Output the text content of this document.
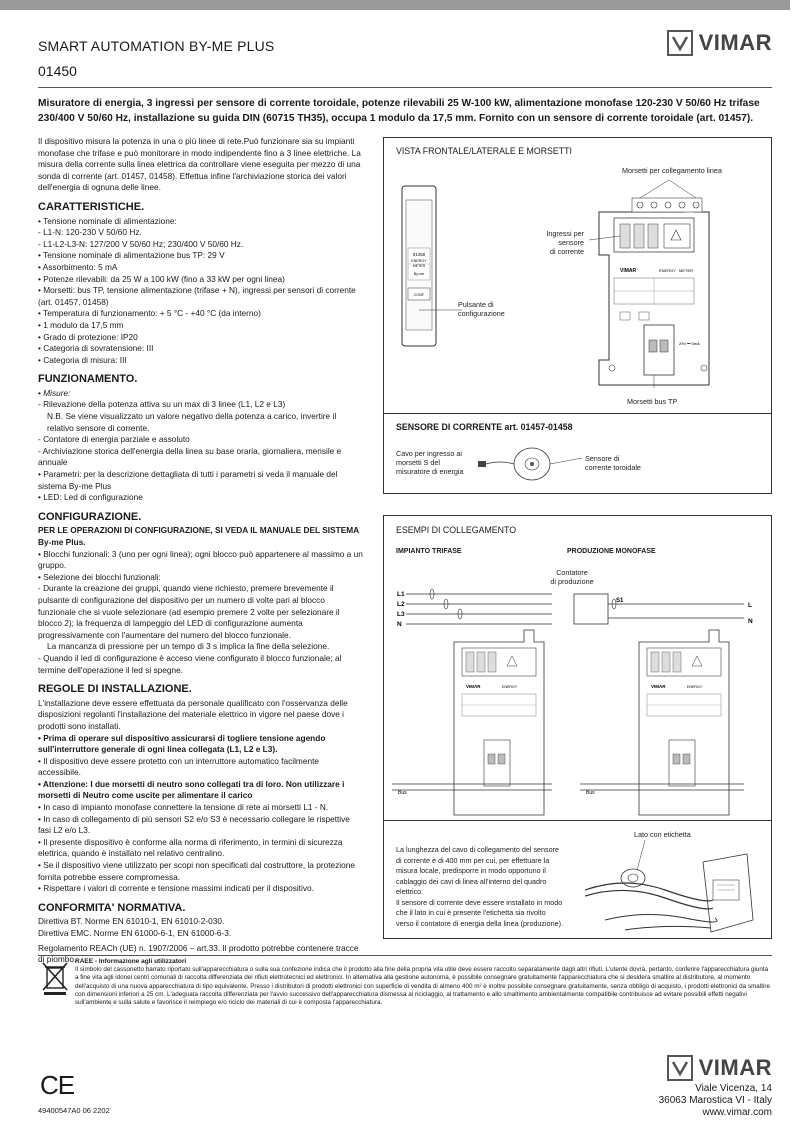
SMART AUTOMATION BY-ME PLUS
01450
VIMAR
Misuratore di energia, 3 ingressi per sensore di corrente toroidale, potenze rilevabili 25 W-100 kW, alimentazione monofase 120-230 V 50/60 Hz trifase 230/400 V 50/60 Hz, installazione su guida DIN (60715 TH35), occupa 1 modulo da 17,5 mm. Fornito con un sensore di corrente toroidale (art. 01457).

Il dispositivo misura la potenza in una o più linee di rete.Può funzionare sia su impianti monofase che trifase e può monitorare in modo indipendente fino a 3 linee elettriche. La misura della corrente sulla linea elettrica da controllare viene eseguita per mezzo di una sonda di corrente (art. 01457, 01458). Effettua infine l'archiviazione storica dei valori dell'energia di ognuna delle linee.

CARATTERISTICHE.

• Tensione nominale di alimentazione:

- L1-N: 120-230 V 50/60 Hz.

- L1-L2-L3-N: 127/200 V 50/60 Hz; 230/400 V 50/60 Hz.

• Tensione nominale di alimentazione bus TP: 29 V

• Assorbimento: 5 mA

• Potenze rilevabili: da 25 W a 100 kW (fino a 33 kW per ogni linea)

• Morsetti: bus TP, tensione alimentazione (trifase + N), ingressi per sensori di corrente (art. 01457, 01458)

• Temperatura di funzionamento: + 5 °C - +40 °C (da interno)

• 1 modulo da 17,5 mm

• Grado di protezione: IP20

• Categoria di sovratensione: III

• Categoria di misura: III

FUNZIONAMENTO.

• Misure:

- Rilevazione della potenza attiva su un max di 3 linee (L1, L2 e L3)

N.B. Se viene visualizzato un valore negativo della potenza a carico, invertire il relativo sensore di corrente.

- Contatore di energia parziale e assoluto

- Archiviazione storica dell'energia della linea su base oraria, giornaliera, mensile e annuale

• Parametri: per la descrizione dettagliata di tutti i parametri si veda il manuale del sistema By-me Plus

• LED: Led di configurazione

CONFIGURAZIONE.

PER LE OPERAZIONI DI CONFIGURAZIONE, SI VEDA IL MANUALE DEL SISTEMA By-me Plus.

• Blocchi funzionali: 3 (uno per ogni linea); ogni blocco può appartenere al massimo a un gruppo.

• Selezione dei blocchi funzionali:

- Durante la creazione dei gruppi, quando viene richiesto, premere brevemente il pulsante di configurazione del dispositivo per un numero di volte pari al blocco funzionale che si vuole selezionare (ad esempio premere 2 volte per selezionare il blocco 2); la frequenza di lampeggio del LED di configurazione aumenta progressivamente con l'aumentare del numero del blocco funzionale.

La mancanza di pressione per un tempo di 3 s implica la fine della selezione.

- Quando il led di configurazione è acceso viene configurato il blocco funzionale; al termine dell'operazione il led si spegne.

REGOLE DI INSTALLAZIONE.

L'installazione deve essere effettuata da personale qualificato con l'osservanza delle disposizioni regolanti l'installazione del materiale elettrico in vigore nel paese dove i prodotti sono installati.

• Prima di operare sul dispositivo assicurarsi di togliere tensione agendo sull'interruttore generale di ogni linea collegata (L1, L2 e L3).

• Il dispositivo deve essere protetto con un interruttore automatico facilmente accessibile.

• Attenzione: I due morsetti di neutro sono collegati tra di loro. Non utilizzare i morsetti di Neutro come uscite per alimentare il carico

• In caso di impianto monofase connettere la tensione di rete ai morsetti L1 - N.

• In caso di collegamento di più sensori S2 e/o S3 è necessario collegare le rispettive fasi L2 e/o L3.

• Il presente dispositivo è conforme alla norma di riferimento, in termini di sicurezza elettrica, quando è installato nel relativo centralino.

• Se il dispositivo viene utilizzato per scopi non specificati dal costruttore, la protezione fornita potrebbe essere compromessa.

• Rispettare i valori di corrente e tensione massimi indicati per il dispositivo.

CONFORMITA' NORMATIVA.

Direttiva BT. Norme EN 61010-1, EN 61010-2-030.

Direttiva EMC. Norme EN 61000-6-1, EN 61000-6-3.

Regolamento REACh (UE) n. 1907/2006 – art.33. Il prodotto potrebbe contenere tracce di piombo.

VISTA FRONTALE/LATERALE E MORSETTI
01450
ENERGY
METER
By-me
CONF.
VIMAR	ENERGY METER
29V ⎓ 5mA
Morsetti per collegamento linea
Ingressi per
sensore
di corrente
Pulsante di
configurazione
Morsetti bus TP
SENSORE DI CORRENTE art. 01457-01458
Cavo per ingresso ai
morsetti S del
misuratore di energia
Sensore di
corrente toroidale
ESEMPI DI COLLEGAMENTO
IMPIANTO TRIFASE	PRODUZIONE MONOFASE
L1
L2
L3
N
VIMAR	ENERGY
Bus
S1
L
N
VIMAR	ENERGY
Bus
Contatore
di produzione
Lato con etichetta
La lunghezza del cavo di collegamento del sensore
di corrente è di 400 mm per cui, per effettuare la
misura locale, predisporre in modo opportuno il
cablaggio dei cavi di linea all'interno del quadro
elettrico.
Il sensore di corrente deve essere installato in modo
che il lato in cui è presente l'etichetta sia rivolto
verso il contatore di energia della linea (produzione).
RAEE - Informazione agli utilizzatori
Il simbolo del cassonetto barrato riportato sull'apparecchiatura o sulla sua confezione indica che il prodotto alla fine della propria vita utile deve essere raccolto separatamente dagli altri rifiuti. L'utente dovrà, pertanto, conferire l'apparecchiatura giunta a fine vita agli idonei centri comunali di raccolta differenziata dei rifiuti elettrotecnici ed elettronici. In alternativa alla gestione autonoma, è possibile consegnare gratuitamente l'apparecchiatura che si desidera smaltire al distributore, al momento dell'acquisto di una nuova apparecchiatura di tipo equivalente. Presso i distributori di prodotti elettronici con superficie di vendita di almeno 400 m² è inoltre possibile consegnare gratuitamente, senza obbligo di acquisto, i prodotti elettronici da smaltire con dimensioni inferiori a 25 cm. L'adeguata raccolta differenziata per l'avvio successivo dell'apparecchiatura dismessa al riciclaggio, al trattamento e allo smaltimento ambientalmente compatibile contribuisce ad evitare possibili effetti negativi sull'ambiente e sulla salute e favorisce il reimpiego e/o riciclo dei materiali di cui è composta l'apparecchiatura.
CE
49400547A0 06 2202
VIMAR
Viale Vicenza, 14
36063 Marostica VI - Italy
www.vimar.com
